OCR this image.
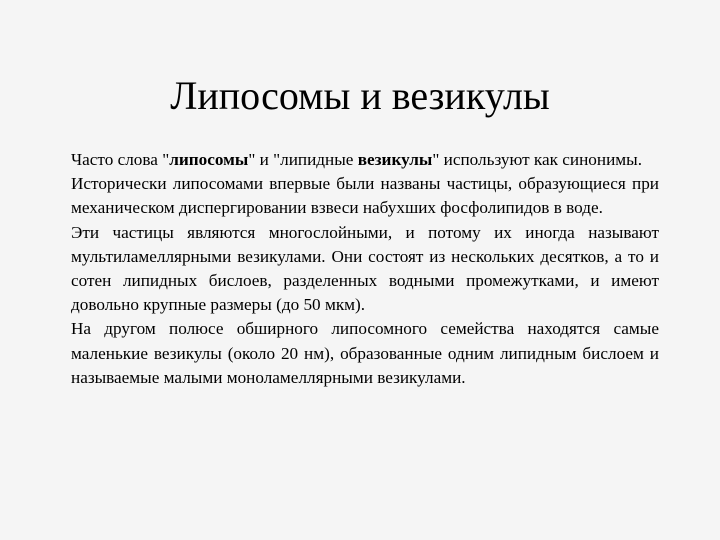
Липосомы и везикулы

Часто слова "липосомы" и "липидные везикулы" используют как синонимы.

Исторически липосомами впервые были названы частицы, образующиеся при механическом диспергировании взвеси набухших фосфолипидов в воде.

Эти частицы являются многослойными, и потому их иногда называют мультиламеллярными везикулами. Они состоят из нескольких десятков, а то и сотен липидных бислоев, разделенных водными промежутками, и имеют довольно крупные размеры (до 50 мкм).

На другом полюсе обширного липосомного семейства находятся самые маленькие везикулы (около 20 нм), образованные одним липидным бислоем и называемые малыми моноламеллярными везикулами.
